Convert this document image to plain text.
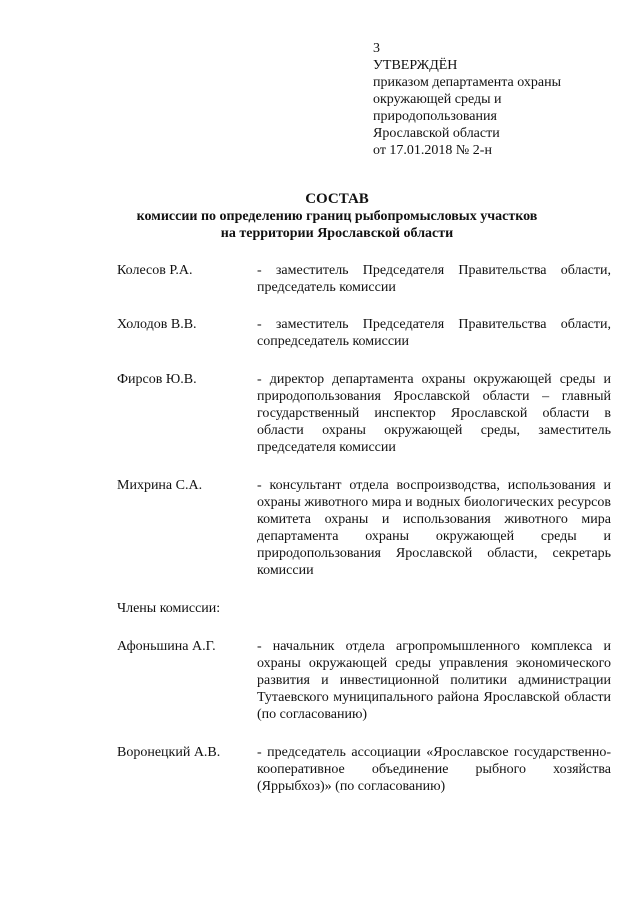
3
УТВЕРЖДЁН
приказом департамента охраны
окружающей среды и
природопользования
Ярославской области
от 17.01.2018 № 2-н
СОСТАВ
комиссии по определению границ рыбопромысловых участков
на территории Ярославской области
Колесов Р.А.	- заместитель Председателя Правительства области, председатель комиссии
Холодов В.В.	- заместитель Председателя Правительства области, сопредседатель комиссии
Фирсов Ю.В.	- директор департамента охраны окружающей среды и природопользования Ярославской области – главный государственный инспектор Ярославской области в области охраны окружающей среды, заместитель председателя комиссии
Михрина С.А.	- консультант отдела воспроизводства, использования и охраны животного мира и водных биологических ресурсов комитета охраны и использования животного мира департамента охраны окружающей среды и природопользования Ярославской области, секретарь комиссии
Члены комиссии:
Афоньшина А.Г.	- начальник отдела агропромышленного комплекса и охраны окружающей среды управления экономического развития и инвестиционной политики администрации Тутаевского муниципального района Ярославской области (по согласованию)
Воронецкий А.В.	- председатель ассоциации «Ярославское государственно-кооперативное объединение рыбного хозяйства (Яррыбхоз)» (по согласованию)
